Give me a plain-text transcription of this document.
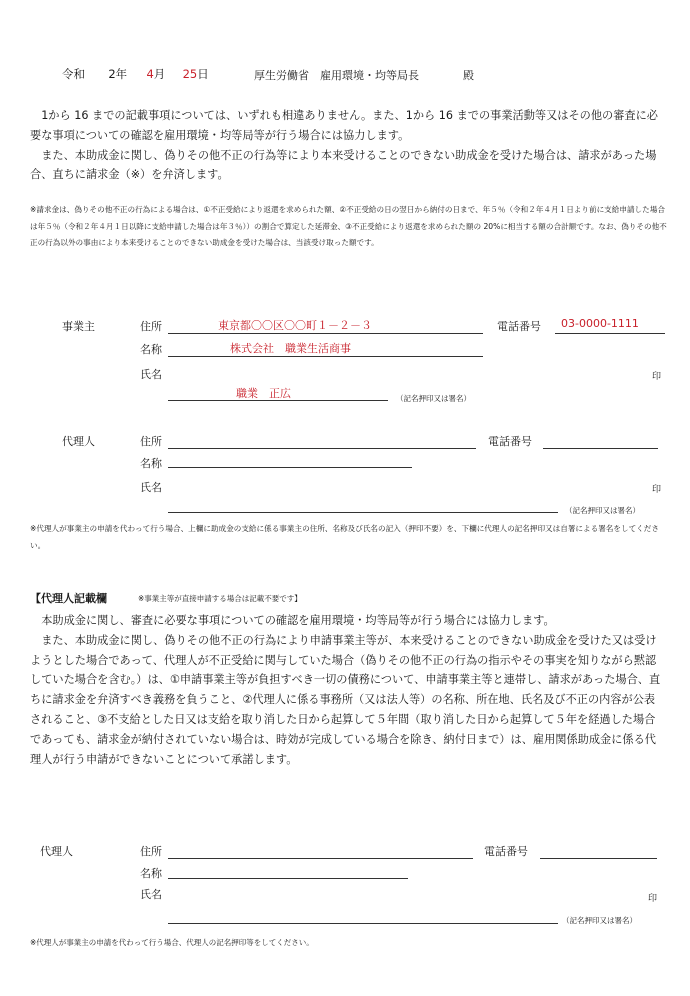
令和 2年 4月 25日	厚生労働省　雇用環境・均等局長	殿

　1から 16 までの記載事項については、いずれも相違ありません。また、1から 16 までの事業活動等又はその他の審査に必要な事項についての確認を雇用環境・均等局等が行う場合には協力します。

　また、本助成金に関し、偽りその他不正の行為等により本来受けることのできない助成金を受けた場合は、請求があった場合、直ちに請求金（※）を弁済します。

※請求金は、偽りその他不正の行為による場合は、①不正受給により返還を求められた額、②不正受給の日の翌日から納付の日まで、年５％（令和２年４月１日より前に支給申請した場合は年５％（令和２年４月１日以降に支給申請した場合は年３％））の割合で算定した延滞金、③不正受給により返還を求められた額の 20%に相当する額の合計額です。なお、偽りその他不正の行為以外の事由により本来受けることのできない助成金を受けた場合は、当該受け取った額です。
事業主	住所	東京都〇〇区〇〇町１－２－３	電話番号 03-0000-1111
名称	株式会社　職業生活商事
氏名	印
職業　正広	（記名押印又は署名）
代理人	住所	電話番号
名称
氏名	印
（記名押印又は署名）
※代理人が事業主の申請を代わって行う場合、上欄に助成金の支給に係る事業主の住所、名称及び氏名の記入（押印不要）を、下欄に代理人の記名押印又は自署による署名をしてください。
【代理人記載欄	※事業主等が直接申請する場合は記載不要です】

　本助成金に関し、審査に必要な事項についての確認を雇用環境・均等局等が行う場合には協力します。

　また、本助成金に関し、偽りその他不正の行為により申請事業主等が、本来受けることのできない助成金を受けた又は受けようとした場合であって、代理人が不正受給に関与していた場合（偽りその他不正の行為の指示やその事実を知りながら黙認していた場合を含む。）は、①申請事業主等が負担すべき一切の債務について、申請事業主等と連帯し、請求があった場合、直ちに請求金を弁済すべき義務を負うこと、②代理人に係る事務所（又は法人等）の名称、所在地、氏名及び不正の内容が公表されること、③不支給とした日又は支給を取り消した日から起算して５年間（取り消した日から起算して５年を経過した場合であっても、請求金が納付されていない場合は、時効が完成している場合を除き、納付日まで）は、雇用関係助成金に係る代理人が行う申請ができないことについて承諾します。

代理人	住所	電話番号
名称
氏名	印
（記名押印又は署名）
※代理人が事業主の申請を代わって行う場合、代理人の記名押印等をしてください。
